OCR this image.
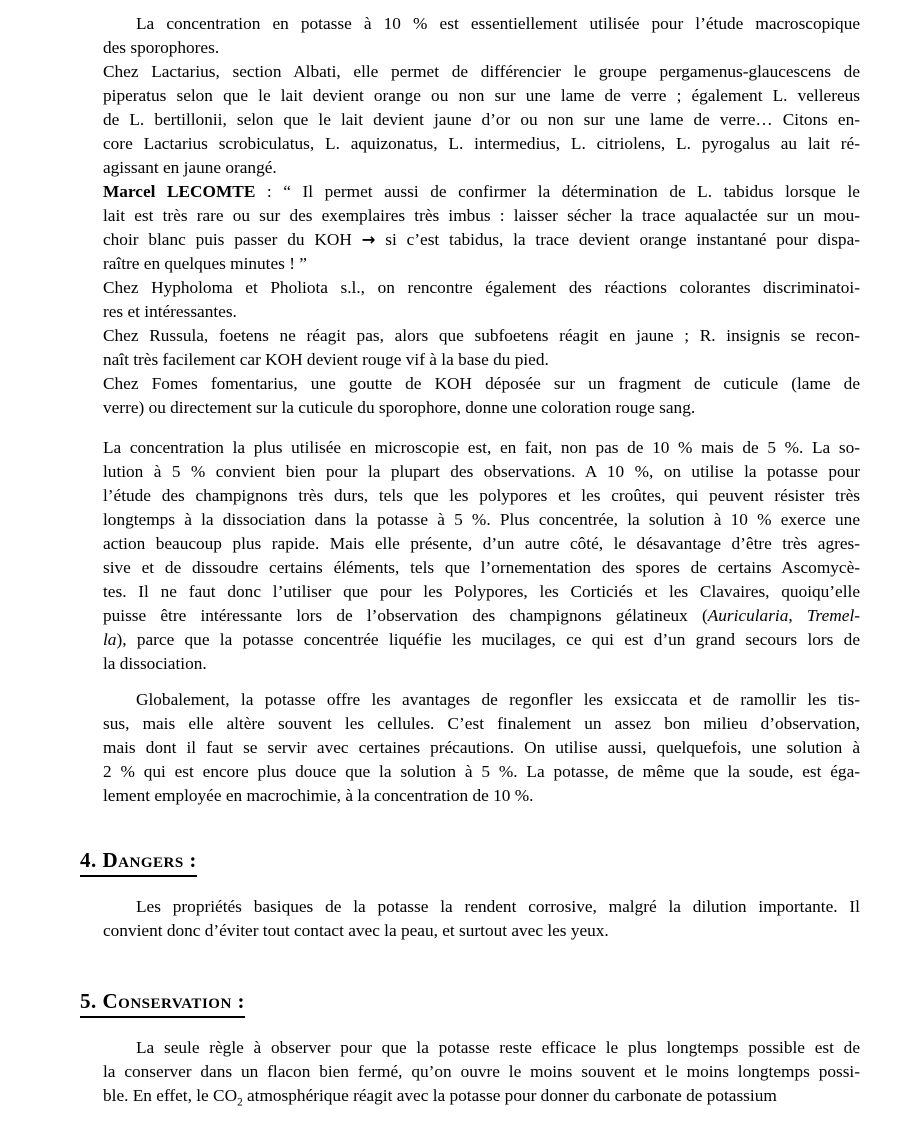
La concentration en potasse à 10 % est essentiellement utilisée pour l’étude macroscopique
des sporophores.
Chez Lactarius, section Albati, elle permet de différencier le groupe pergamenus-glaucescens de
piperatus selon que le lait devient orange ou non sur une lame de verre ; également L. vellereus
de L. bertillonii, selon que le lait devient jaune d’or ou non sur une lame de verre… Citons en-
core Lactarius scrobiculatus, L. aquizonatus, L. intermedius, L. citriolens, L. pyrogalus au lait ré-
agissant en jaune orangé.
Marcel LECOMTE : “ Il permet aussi de confirmer la détermination de L. tabidus lorsque le
lait est très rare ou sur des exemplaires très imbus : laisser sécher la trace aqualactée sur un mou-
choir blanc puis passer du KOH → si c’est tabidus, la trace devient orange instantané pour dispa-
raître en quelques minutes ! ”
Chez Hypholoma et Pholiota s.l., on rencontre également des réactions colorantes discriminatoi-
res et intéressantes.
Chez Russula, foetens ne réagit pas, alors que subfoetens réagit en jaune ; R. insignis se recon-
naît très facilement car KOH devient rouge vif à la base du pied.
Chez Fomes fomentarius, une goutte de KOH déposée sur un fragment de cuticule (lame de
verre) ou directement sur la cuticule du sporophore, donne une coloration rouge sang.
La concentration la plus utilisée en microscopie est, en fait, non pas de 10 % mais de 5 %. La so-
lution à 5 % convient bien pour la plupart des observations. A 10 %, on utilise la potasse pour
l’étude des champignons très durs, tels que les polypores et les croûtes, qui peuvent résister très
longtemps à la dissociation dans la potasse à 5 %. Plus concentrée, la solution à 10 % exerce une
action beaucoup plus rapide. Mais elle présente, d’un autre côté, le désavantage d’être très agres-
sive et de dissoudre certains éléments, tels que l’ornementation des spores de certains Ascomycè-
tes. Il ne faut donc l’utiliser que pour les Polypores, les Corticiés et les Clavaires, quoiqu’elle
puisse être intéressante lors de l’observation des champignons gélatineux (Auricularia, Tremel-
la), parce que la potasse concentrée liquéfie les mucilages, ce qui est d’un grand secours lors de
la dissociation.
Globalement, la potasse offre les avantages de regonfler les exsiccata et de ramollir les tis-
sus, mais elle altère souvent les cellules. C’est finalement un assez bon milieu d’observation,
mais dont il faut se servir avec certaines précautions. On utilise aussi, quelquefois, une solution à
2 % qui est encore plus douce que la solution à 5 %. La potasse, de même que la soude, est éga-
lement employée en macrochimie, à la concentration de 10 %.
4. Dangers :
Les propriétés basiques de la potasse la rendent corrosive, malgré la dilution importante. Il
convient donc d’éviter tout contact avec la peau, et surtout avec les yeux.
5. Conservation :
La seule règle à observer pour que la potasse reste efficace le plus longtemps possible est de
la conserver dans un flacon bien fermé, qu’on ouvre le moins souvent et le moins longtemps possi-
ble. En effet, le $CO_2$ atmosphérique réagit avec la potasse pour donner du carbonate de potassium
